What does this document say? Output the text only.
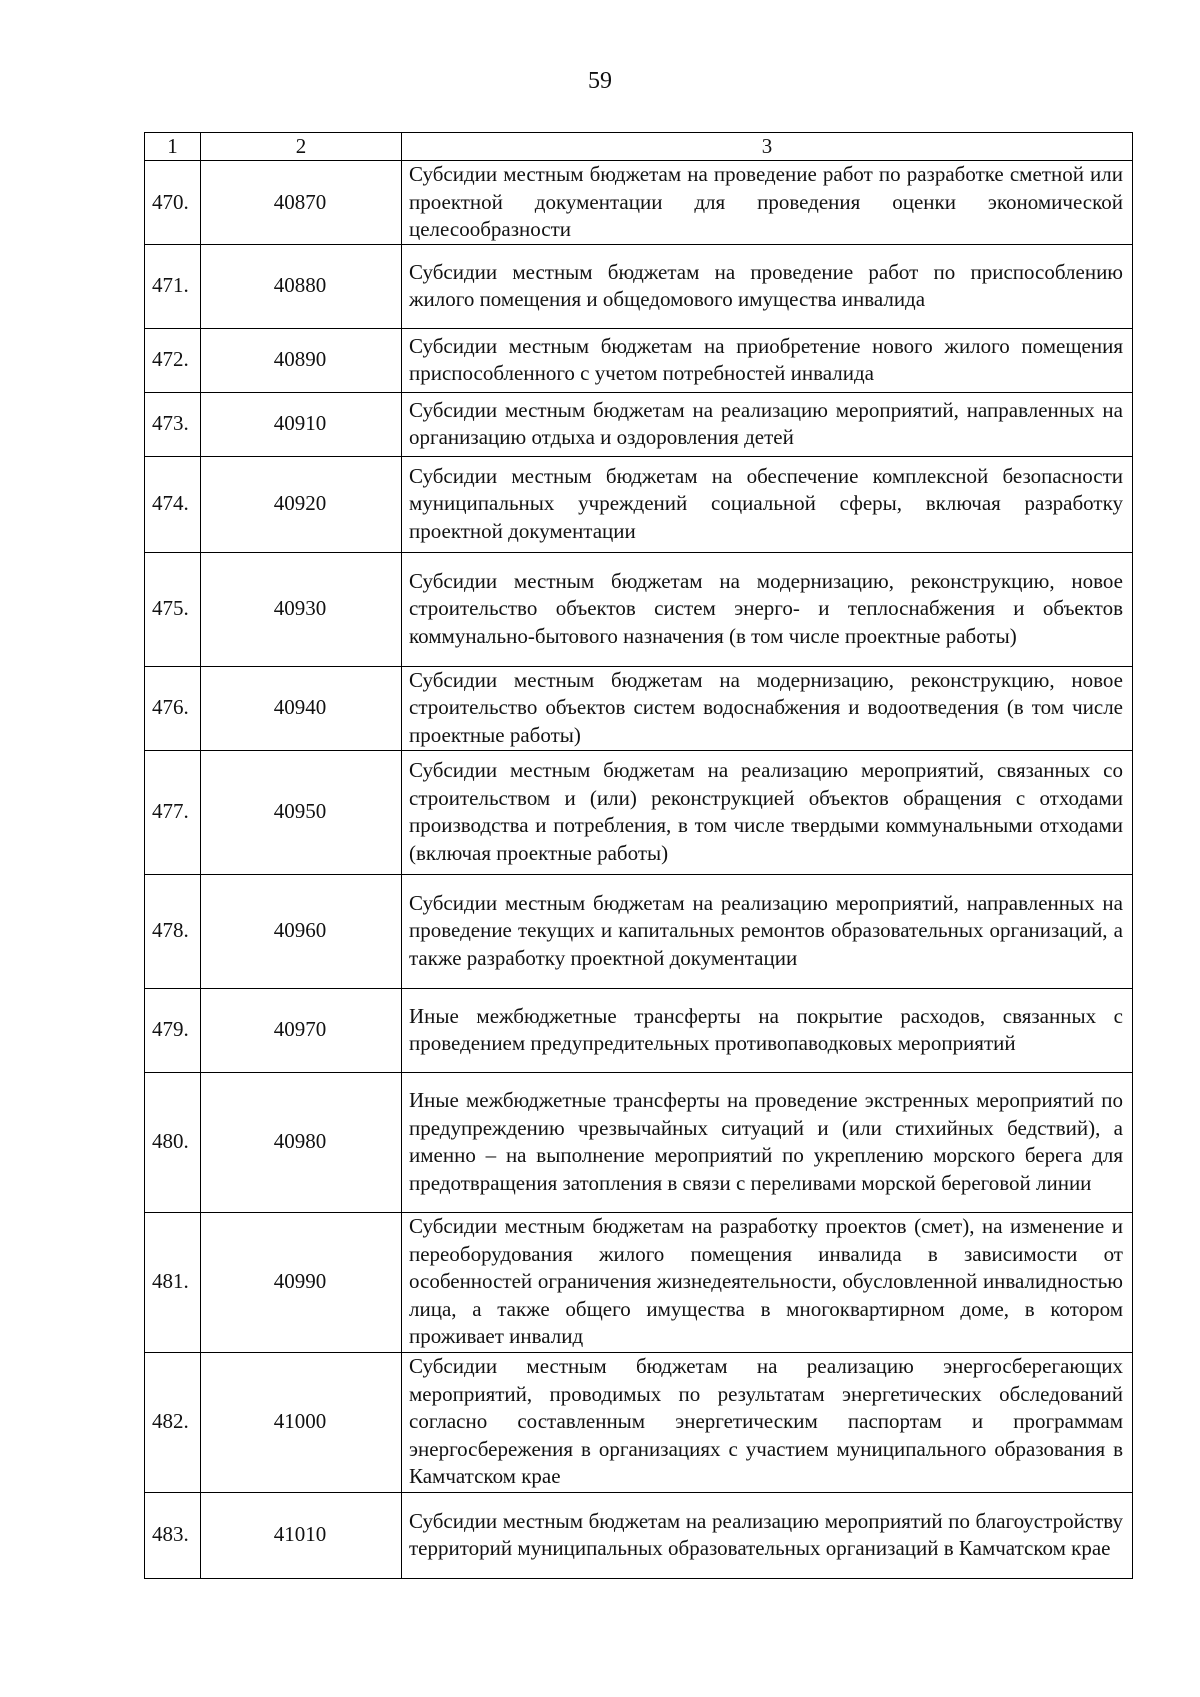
59
1	2	3
470.	40870	Субсидии местным бюджетам на проведение работ по разработке сметной или проектной документации для проведения оценки экономической целесообразности
471.	40880	Субсидии местным бюджетам на проведение работ по приспособлению жилого помещения и общедомового имущества инвалида
472.	40890	Субсидии местным бюджетам на приобретение нового жилого помещения приспособленного с учетом потребностей инвалида
473.	40910	Субсидии местным бюджетам на реализацию мероприятий, направленных на организацию отдыха и оздоровления детей
474.	40920	Субсидии местным бюджетам на обеспечение комплексной безопасности муниципальных учреждений социальной сферы, включая разработку проектной документации
475.	40930	Субсидии местным бюджетам на модернизацию, реконструкцию, новое строительство объектов систем энерго- и теплоснабжения и объектов коммунально-бытового назначения (в том числе проектные работы)
476.	40940	Субсидии местным бюджетам на модернизацию, реконструкцию, новое строительство объектов систем водоснабжения и водоотведения (в том числе проектные работы)
477.	40950	Субсидии местным бюджетам на реализацию мероприятий, связанных со строительством и (или) реконструкцией объектов обращения с отходами производства и потребления, в том числе твердыми коммунальными отходами (включая проектные работы)
478.	40960	Субсидии местным бюджетам на реализацию мероприятий, направленных на проведение текущих и капитальных ремонтов образовательных организаций, а также разработку проектной документации
479.	40970	Иные межбюджетные трансферты на покрытие расходов, связанных с проведением предупредительных противопаводковых мероприятий
480.	40980	Иные межбюджетные трансферты на проведение экстренных мероприятий по предупреждению чрезвычайных ситуаций и (или стихийных бедствий), а именно – на выполнение мероприятий по укреплению морского берега для предотвращения затопления в связи с переливами морской береговой линии
481.	40990	Субсидии местным бюджетам на разработку проектов (смет), на изменение и переоборудования жилого помещения инвалида в зависимости от особенностей ограничения жизнедеятельности, обусловленной инвалидностью лица, а также общего имущества в многоквартирном доме, в котором проживает инвалид
482.	41000	Субсидии местным бюджетам на реализацию энергосберегающих мероприятий, проводимых по результатам энергетических обследований согласно составленным энергетическим паспортам и программам энергосбережения в организациях с участием муниципального образования в Камчатском крае
483.	41010	Субсидии местным бюджетам на реализацию мероприятий по благоустройству территорий муниципальных образовательных организаций в Камчатском крае
